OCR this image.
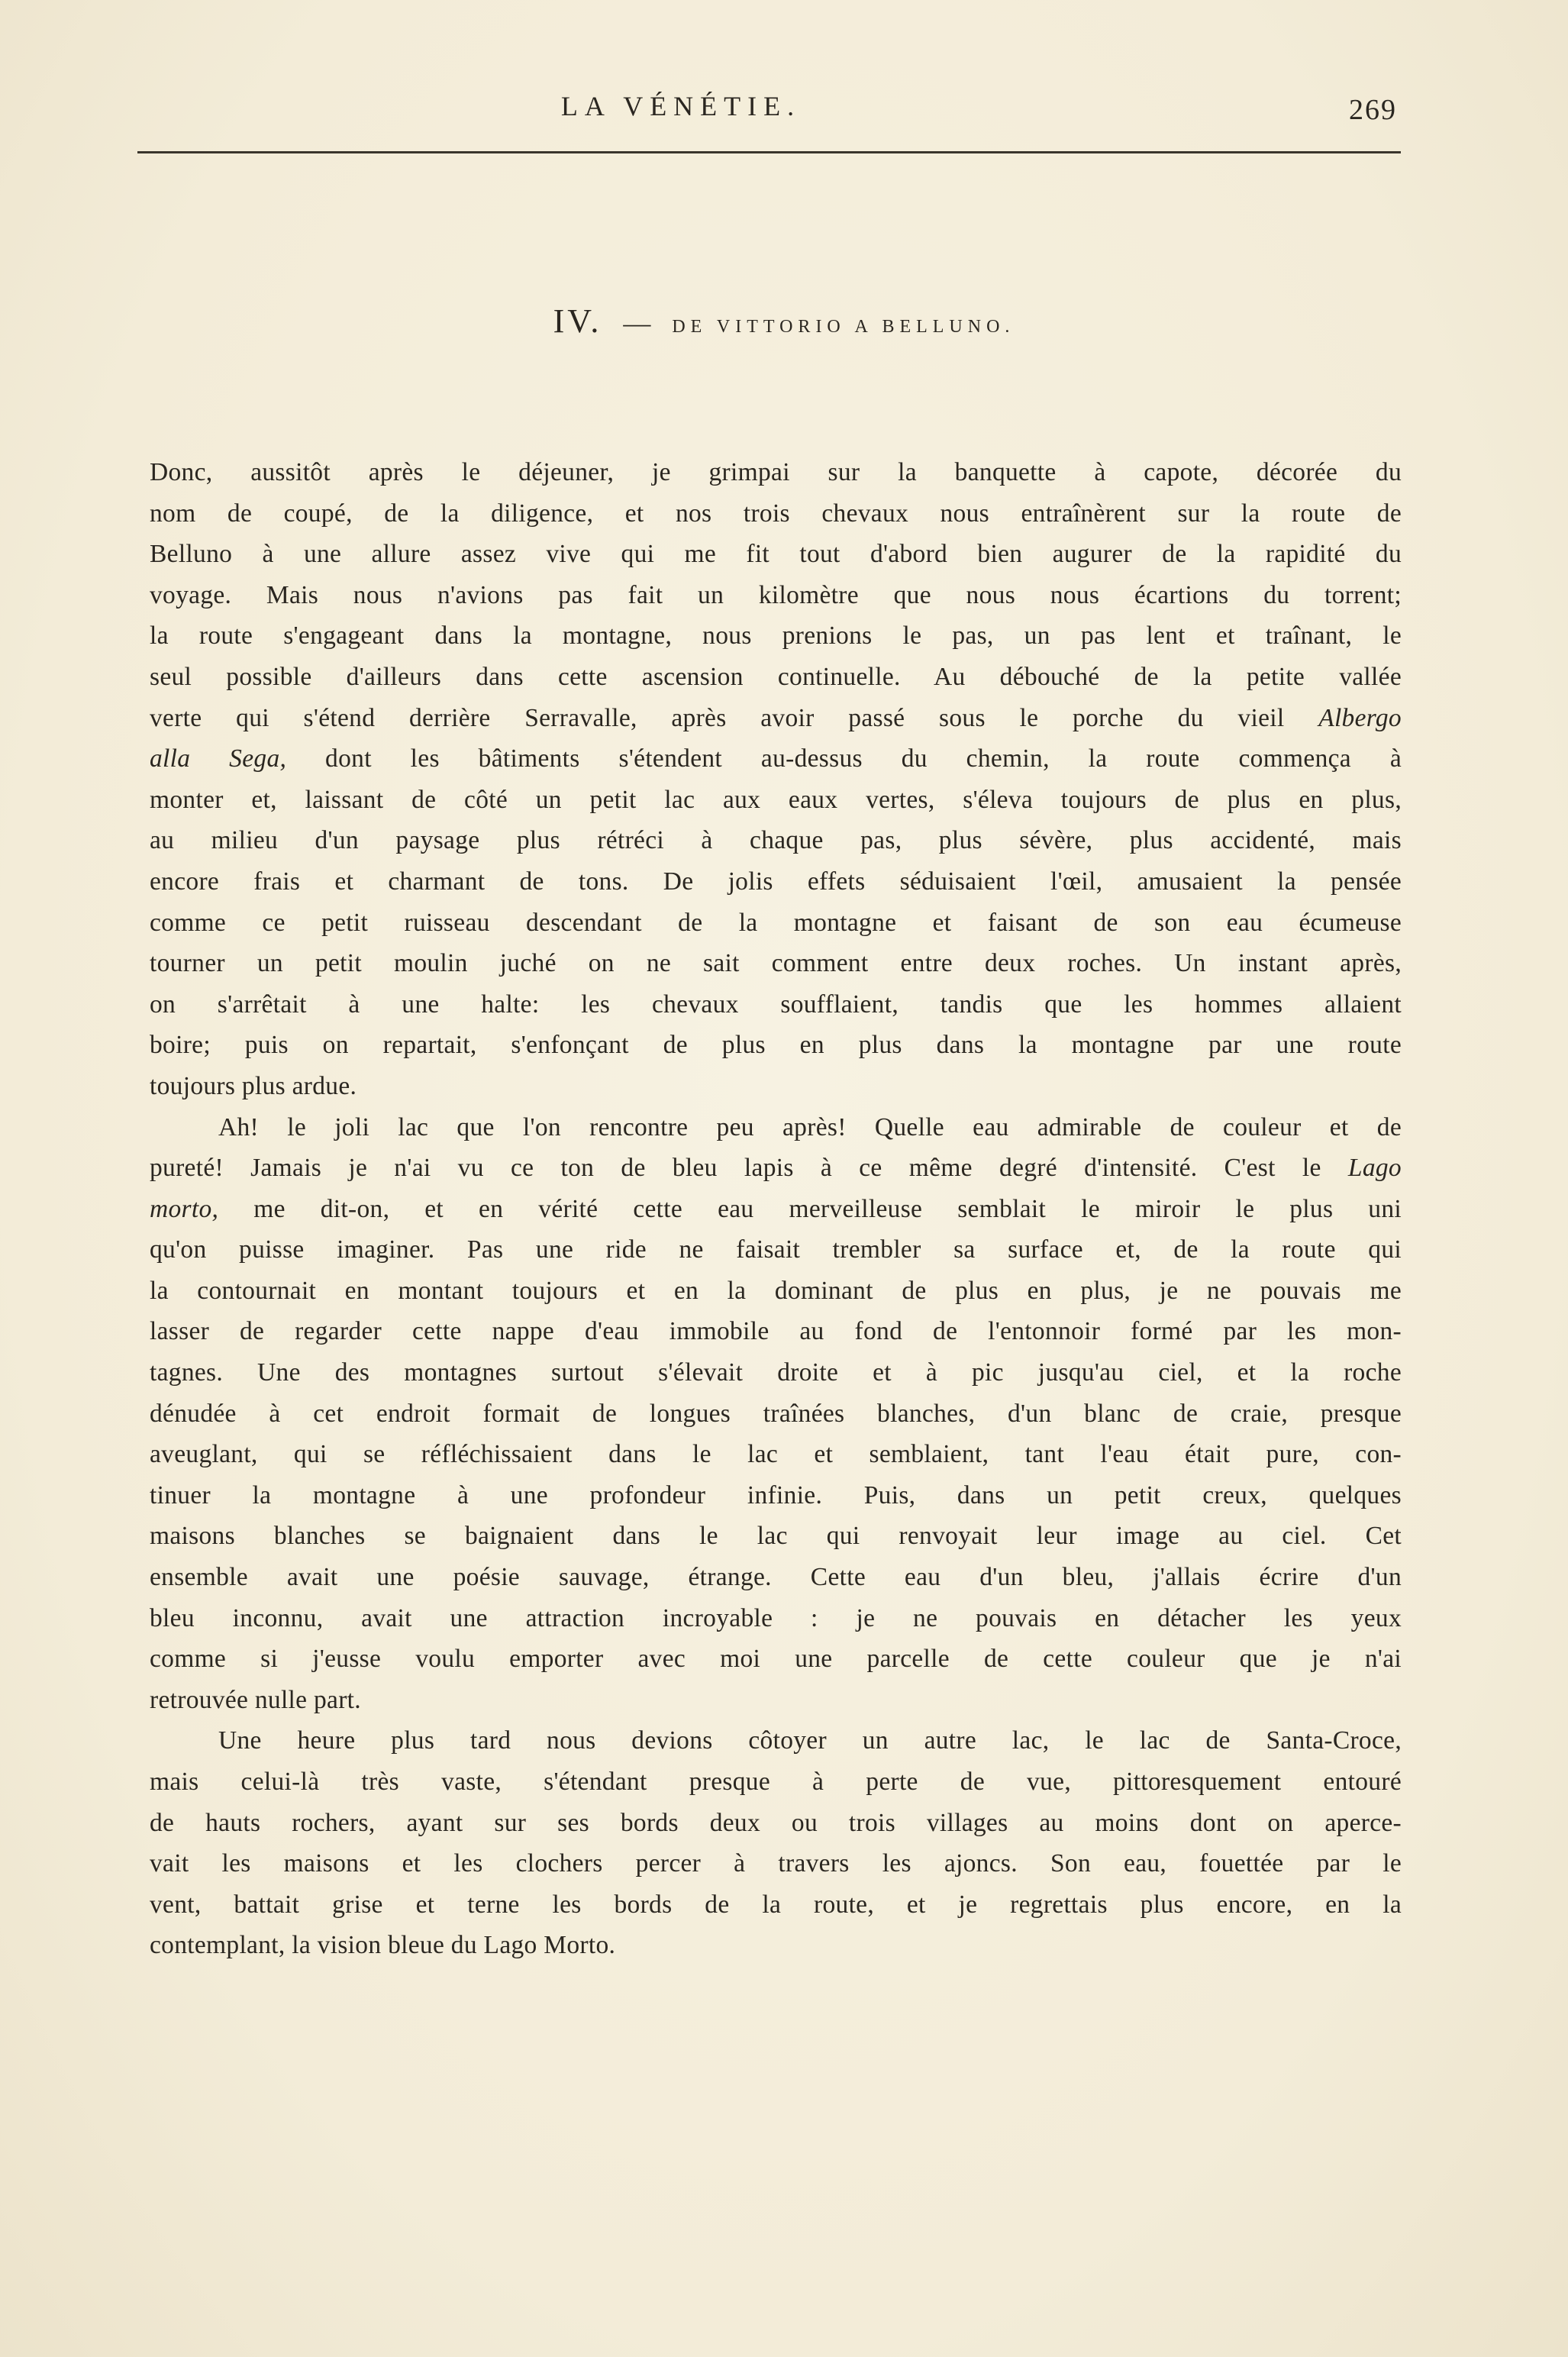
LA VÉNÉTIE.	269
IV. — DE VITTORIO A BELLUNO.
Donc, aussitôt après le déjeuner, je grimpai sur la banquette à capote, décorée du
nom de coupé, de la diligence, et nos trois chevaux nous entraînèrent sur la route de
Belluno à une allure assez vive qui me fit tout d'abord bien augurer de la rapidité du
voyage. Mais nous n'avions pas fait un kilomètre que nous nous écartions du torrent;
la route s'engageant dans la montagne, nous prenions le pas, un pas lent et traînant, le
seul possible d'ailleurs dans cette ascension continuelle. Au débouché de la petite vallée
verte qui s'étend derrière Serravalle, après avoir passé sous le porche du vieil Albergo
alla Sega, dont les bâtiments s'étendent au-dessus du chemin, la route commença à
monter et, laissant de côté un petit lac aux eaux vertes, s'éleva toujours de plus en plus,
au milieu d'un paysage plus rétréci à chaque pas, plus sévère, plus accidenté, mais
encore frais et charmant de tons. De jolis effets séduisaient l'œil, amusaient la pensée
comme ce petit ruisseau descendant de la montagne et faisant de son eau écumeuse
tourner un petit moulin juché on ne sait comment entre deux roches. Un instant après,
on s'arrêtait à une halte: les chevaux soufflaient, tandis que les hommes allaient
boire; puis on repartait, s'enfonçant de plus en plus dans la montagne par une route
toujours plus ardue.
Ah! le joli lac que l'on rencontre peu après! Quelle eau admirable de couleur et de
pureté! Jamais je n'ai vu ce ton de bleu lapis à ce même degré d'intensité. C'est le Lago
morto, me dit-on, et en vérité cette eau merveilleuse semblait le miroir le plus uni
qu'on puisse imaginer. Pas une ride ne faisait trembler sa surface et, de la route qui
la contournait en montant toujours et en la dominant de plus en plus, je ne pouvais me
lasser de regarder cette nappe d'eau immobile au fond de l'entonnoir formé par les mon-
tagnes. Une des montagnes surtout s'élevait droite et à pic jusqu'au ciel, et la roche
dénudée à cet endroit formait de longues traînées blanches, d'un blanc de craie, presque
aveuglant, qui se réfléchissaient dans le lac et semblaient, tant l'eau était pure, con-
tinuer la montagne à une profondeur infinie. Puis, dans un petit creux, quelques
maisons blanches se baignaient dans le lac qui renvoyait leur image au ciel. Cet
ensemble avait une poésie sauvage, étrange. Cette eau d'un bleu, j'allais écrire d'un
bleu inconnu, avait une attraction incroyable : je ne pouvais en détacher les yeux
comme si j'eusse voulu emporter avec moi une parcelle de cette couleur que je n'ai
retrouvée nulle part.
Une heure plus tard nous devions côtoyer un autre lac, le lac de Santa-Croce,
mais celui-là très vaste, s'étendant presque à perte de vue, pittoresquement entouré
de hauts rochers, ayant sur ses bords deux ou trois villages au moins dont on aperce-
vait les maisons et les clochers percer à travers les ajoncs. Son eau, fouettée par le
vent, battait grise et terne les bords de la route, et je regrettais plus encore, en la
contemplant, la vision bleue du Lago Morto.
